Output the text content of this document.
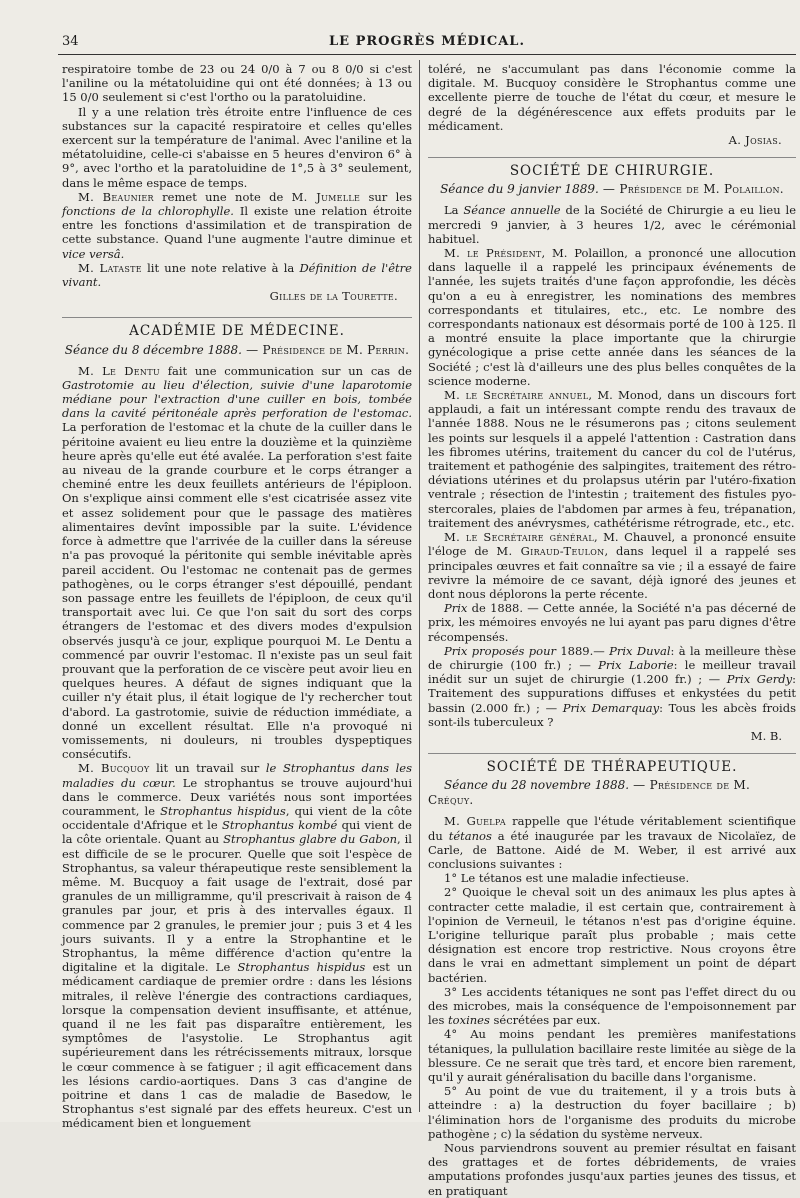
34	LE PROGRÈS MÉDICAL.

respiratoire tombe de 23 ou 24 0/0 à 7 ou 8 0/0 si c'est l'aniline ou la métatoluidine qui ont été données; à 13 ou 15 0/0 seulement si c'est l'ortho ou la paratoluidine.

Il y a une relation très étroite entre l'influence de ces substances sur la capacité respiratoire et celles qu'elles exercent sur la température de l'animal. Avec l'aniline et la métatoluidine, celle-ci s'abaisse en 5 heures d'environ 6° à 9°, avec l'ortho et la paratoluidine de 1°,5 à 3° seulement, dans le même espace de temps.

M. Beaunier remet une note de M. Jumelle sur les fonctions de la chlorophylle. Il existe une relation étroite entre les fonctions d'assimilation et de transpiration de cette substance. Quand l'une augmente l'autre diminue et vice versâ.

M. Lataste lit une note relative à la Définition de l'être vivant.

Gilles de la Tourette.
ACADÉMIE DE MÉDECINE.
Séance du 8 décembre 1888. — Présidence de M. Perrin.

M. Le Dentu fait une communication sur un cas de Gastrotomie au lieu d'élection, suivie d'une laparotomie médiane pour l'extraction d'une cuiller en bois, tombée dans la cavité péritonéale après perforation de l'estomac. La perforation de l'estomac et la chute de la cuiller dans le péritoine avaient eu lieu entre la douzième et la quinzième heure après qu'elle eut été avalée. La perforation s'est faite au niveau de la grande courbure et le corps étranger a cheminé entre les deux feuillets antérieurs de l'épiploon. On s'explique ainsi comment elle s'est cicatrisée assez vite et assez solidement pour que le passage des matières alimentaires devînt impossible par la suite. L'évidence force à admettre que l'arrivée de la cuiller dans la séreuse n'a pas provoqué la péritonite qui semble inévitable après pareil accident. Ou l'estomac ne contenait pas de germes pathogènes, ou le corps étranger s'est dépouillé, pendant son passage entre les feuillets de l'épiploon, de ceux qu'il transportait avec lui. Ce que l'on sait du sort des corps étrangers de l'estomac et des divers modes d'expulsion observés jusqu'à ce jour, explique pourquoi M. Le Dentu a commencé par ouvrir l'estomac. Il n'existe pas un seul fait prouvant que la perforation de ce viscère peut avoir lieu en quelques heures. A défaut de signes indiquant que la cuiller n'y était plus, il était logique de l'y rechercher tout d'abord. La gastrotomie, suivie de réduction immédiate, a donné un excellent résultat. Elle n'a provoqué ni vomissements, ni douleurs, ni troubles dyspeptiques consécutifs.

M. Bucquoy lit un travail sur le Strophantus dans les maladies du cœur. Le strophantus se trouve aujourd'hui dans le commerce. Deux variétés nous sont importées couramment, le Strophantus hispidus, qui vient de la côte occidentale d'Afrique et le Strophantus kombé qui vient de la côte orientale. Quant au Strophantus glabre du Gabon, il est difficile de se le procurer. Quelle que soit l'espèce de Strophantus, sa valeur thérapeutique reste sensiblement la même. M. Bucquoy a fait usage de l'extrait, dosé par granules de un milligramme, qu'il prescrivait à raison de 4 granules par jour, et pris à des intervalles égaux. Il commence par 2 granules, le premier jour ; puis 3 et 4 les jours suivants. Il y a entre la Strophantine et le Strophantus, la même différence d'action qu'entre la digitaline et la digitale. Le Strophantus hispidus est un médicament cardiaque de premier ordre : dans les lésions mitrales, il relève l'énergie des contractions cardiaques, lorsque la compensation devient insuffisante, et atténue, quand il ne les fait pas disparaître entièrement, les symptômes de l'asystolie. Le Strophantus agit supérieurement dans les rétrécissements mitraux, lorsque le cœur commence à se fatiguer ; il agit efficacement dans les lésions cardio-aortiques. Dans 3 cas d'angine de poitrine et dans 1 cas de maladie de Basedow, le Strophantus s'est signalé par des effets heureux. C'est un médicament bien et longuement

toléré, ne s'accumulant pas dans l'économie comme la digitale. M. Bucquoy considère le Strophantus comme une excellente pierre de touche de l'état du cœur, et mesure le degré de la dégénérescence aux effets produits par le médicament.

A. Josias.
SOCIÉTÉ DE CHIRURGIE.
Séance du 9 janvier 1889. — Présidence de M. Polaillon.

La Séance annuelle de la Société de Chirurgie a eu lieu le mercredi 9 janvier, à 3 heures 1/2, avec le cérémonial habituel.

M. le Président, M. Polaillon, a prononcé une allocution dans laquelle il a rappelé les principaux événements de l'année, les sujets traités d'une façon approfondie, les décès qu'on a eu à enregistrer, les nominations des membres correspondants et titulaires, etc., etc. Le nombre des correspondants nationaux est désormais porté de 100 à 125. Il a montré ensuite la place importante que la chirurgie gynécologique a prise cette année dans les séances de la Société ; c'est là d'ailleurs une des plus belles conquêtes de la science moderne.

M. le Secrétaire annuel, M. Monod, dans un discours fort applaudi, a fait un intéressant compte rendu des travaux de l'année 1888. Nous ne le résumerons pas ; citons seulement les points sur lesquels il a appelé l'attention : Castration dans les fibromes utérins, traitement du cancer du col de l'utérus, traitement et pathogénie des salpingites, traitement des rétro-déviations utérines et du prolapsus utérin par l'utéro-fixation ventrale ; résection de l'intestin ; traitement des fistules pyo-stercorales, plaies de l'abdomen par armes à feu, trépanation, traitement des anévrysmes, cathétérisme rétrograde, etc., etc.

M. le Secrétaire général, M. Chauvel, a prononcé ensuite l'éloge de M. Giraud-Teulon, dans lequel il a rappelé ses principales œuvres et fait connaître sa vie ; il a essayé de faire revivre la mémoire de ce savant, déjà ignoré des jeunes et dont nous déplorons la perte récente.

Prix de 1888. — Cette année, la Société n'a pas décerné de prix, les mémoires envoyés ne lui ayant pas paru dignes d'être récompensés.

Prix proposés pour 1889.— Prix Duval: à la meilleure thèse de chirurgie (100 fr.) ; — Prix Laborie: le meilleur travail inédit sur un sujet de chirurgie (1.200 fr.) ; — Prix Gerdy: Traitement des suppurations diffuses et enkystées du petit bassin (2.000 fr.) ; — Prix Demarquay: Tous les abcès froids sont-ils tuberculeux ?

M. B.
SOCIÉTÉ DE THÉRAPEUTIQUE.
Séance du 28 novembre 1888. — Présidence de M. Créquy.

M. Guelpa rappelle que l'étude véritablement scientifique du tétanos a été inaugurée par les travaux de Nicolaïez, de Carle, de Battone. Aidé de M. Weber, il est arrivé aux conclusions suivantes :

1° Le tétanos est une maladie infectieuse.

2° Quoique le cheval soit un des animaux les plus aptes à contracter cette maladie, il est certain que, contrairement à l'opinion de Verneuil, le tétanos n'est pas d'origine équine. L'origine tellurique paraît plus probable ; mais cette désignation est encore trop restrictive. Nous croyons être dans le vrai en admettant simplement un point de départ bactérien.

3° Les accidents tétaniques ne sont pas l'effet direct du ou des microbes, mais la conséquence de l'empoisonnement par les toxines sécrétées par eux.

4° Au moins pendant les premières manifestations tétaniques, la pullulation bacillaire reste limitée au siège de la blessure. Ce ne serait que très tard, et encore bien rarement, qu'il y aurait généralisation du bacille dans l'organisme.

5° Au point de vue du traitement, il y a trois buts à atteindre : a) la destruction du foyer bacillaire ; b) l'élimination hors de l'organisme des produits du microbe pathogène ; c) la sédation du système nerveux.

Nous parviendrons souvent au premier résultat en faisant des grattages et de fortes débridements, de vraies amputations profondes jusqu'aux parties jeunes des tissus, et en pratiquant
